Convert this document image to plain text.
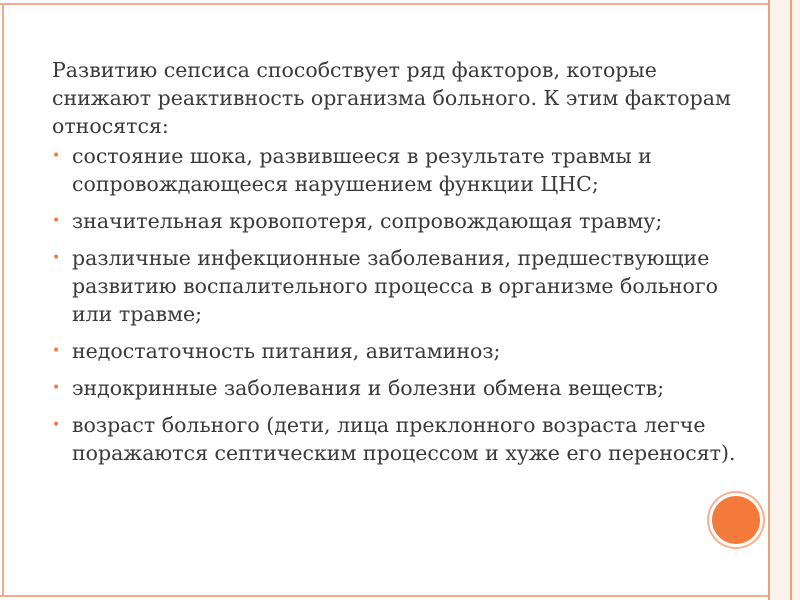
Развитию сепсиса способствует ряд факторов, которые снижают реактивность организма больного. К этим факторам относятся:

• состояние шока, развившееся в результате травмы и сопровождающееся нарушением функции ЦНС;
• значительная кровопотеря, сопровождающая травму;
• различные инфекционные заболевания, предшествующие развитию воспалительного процесса в организме больного или травме;
• недостаточность питания, авитаминоз;
• эндокринные заболевания и болезни обмена веществ;
• возраст больного (дети, лица преклонного возраста легче поражаются септическим процессом и хуже его переносят).
